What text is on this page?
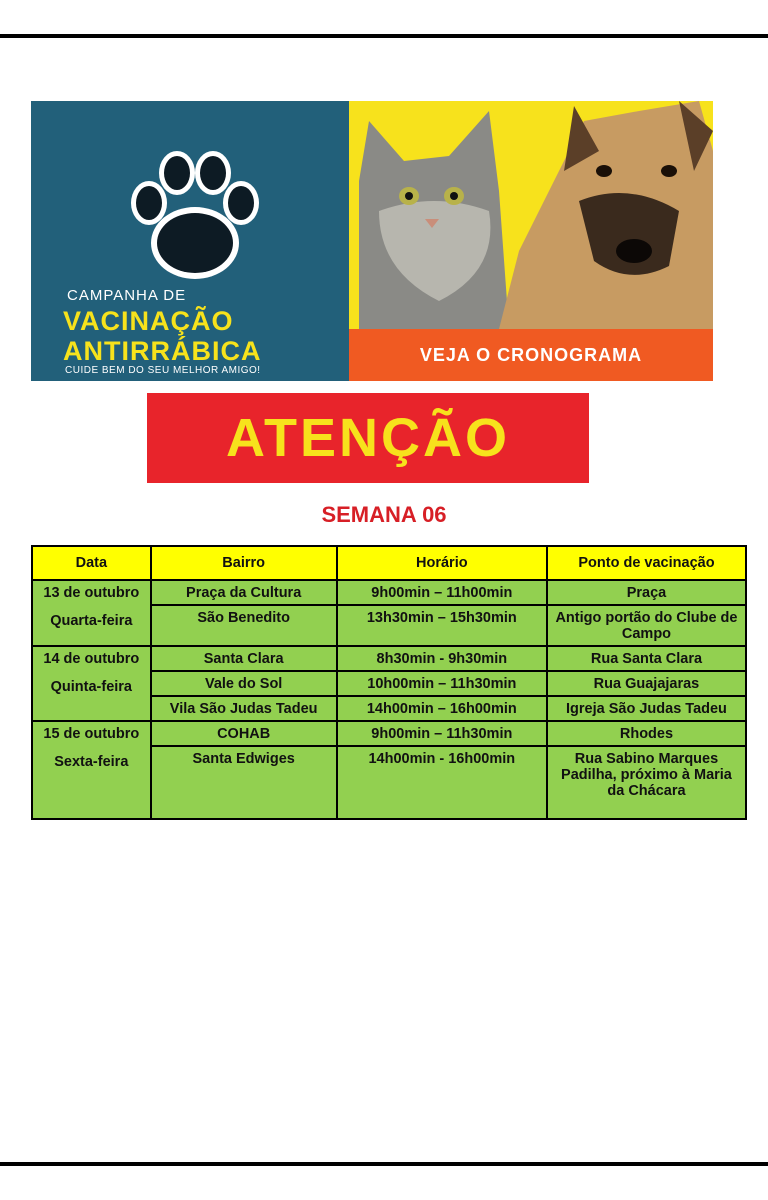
CAMPANHA DE
VACINAÇÃO
ANTIRRÁBICA
CUIDE BEM DO SEU MELHOR AMIGO!
VEJA O CRONOGRAMA
ATENÇÃO
SEMANA 06
Data	Bairro	Horário	Ponto de vacinação

13 de outubro
Quarta-feira	Praça da Cultura	9h00min – 11h00min	Praça
	São Benedito	13h30min – 15h30min	Antigo portão do Clube de Campo

14 de outubro
Quinta-feira	Santa Clara	8h30min - 9h30min	Rua Santa Clara
	Vale do Sol	10h00min – 11h30min	Rua Guajajaras
	Vila São Judas Tadeu	14h00min – 16h00min	Igreja São Judas Tadeu

15 de outubro
Sexta-feira	COHAB	9h00min – 11h30min	Rhodes
	Santa Edwiges	14h00min - 16h00min	Rua Sabino Marques Padilha, próximo à Maria da Chácara
